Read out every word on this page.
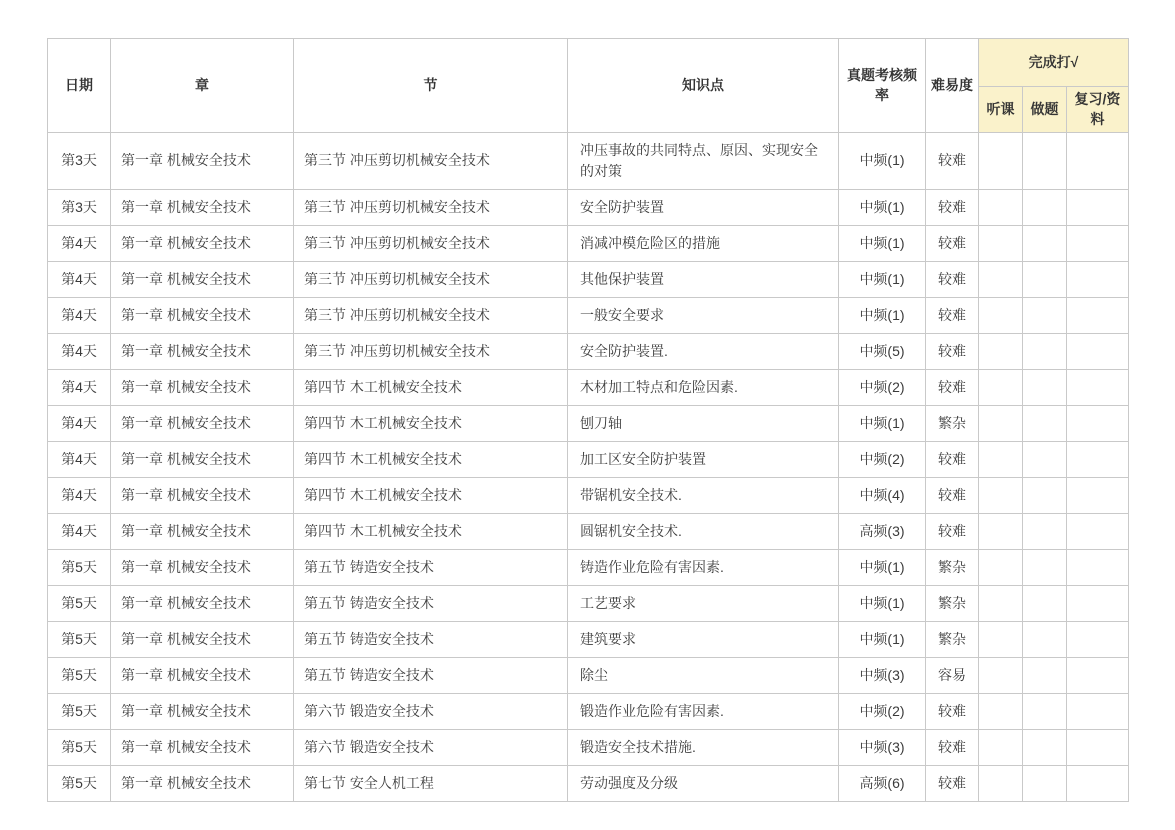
日期	章	节	知识点	真题考核频率	难易度	完成打√		
						听课	做题	复习/资料
第3天	第一章 机械安全技术	第三节 冲压剪切机械安全技术	冲压事故的共同特点、原因、实现安全的对策	中频(1)	较难			
第3天	第一章 机械安全技术	第三节 冲压剪切机械安全技术	安全防护装置	中频(1)	较难			
第4天	第一章 机械安全技术	第三节 冲压剪切机械安全技术	消减冲模危险区的措施	中频(1)	较难			
第4天	第一章 机械安全技术	第三节 冲压剪切机械安全技术	其他保护装置	中频(1)	较难			
第4天	第一章 机械安全技术	第三节 冲压剪切机械安全技术	一般安全要求	中频(1)	较难			
第4天	第一章 机械安全技术	第三节 冲压剪切机械安全技术	安全防护装置.	中频(5)	较难			
第4天	第一章 机械安全技术	第四节 木工机械安全技术	木材加工特点和危险因素.	中频(2)	较难			
第4天	第一章 机械安全技术	第四节 木工机械安全技术	刨刀轴	中频(1)	繁杂			
第4天	第一章 机械安全技术	第四节 木工机械安全技术	加工区安全防护装置	中频(2)	较难			
第4天	第一章 机械安全技术	第四节 木工机械安全技术	带锯机安全技术.	中频(4)	较难			
第4天	第一章 机械安全技术	第四节 木工机械安全技术	圆锯机安全技术.	高频(3)	较难			
第5天	第一章 机械安全技术	第五节 铸造安全技术	铸造作业危险有害因素.	中频(1)	繁杂			
第5天	第一章 机械安全技术	第五节 铸造安全技术	工艺要求	中频(1)	繁杂			
第5天	第一章 机械安全技术	第五节 铸造安全技术	建筑要求	中频(1)	繁杂			
第5天	第一章 机械安全技术	第五节 铸造安全技术	除尘	中频(3)	容易			
第5天	第一章 机械安全技术	第六节 锻造安全技术	锻造作业危险有害因素.	中频(2)	较难			
第5天	第一章 机械安全技术	第六节 锻造安全技术	锻造安全技术措施.	中频(3)	较难			
第5天	第一章 机械安全技术	第七节 安全人机工程	劳动强度及分级	高频(6)	较难			
